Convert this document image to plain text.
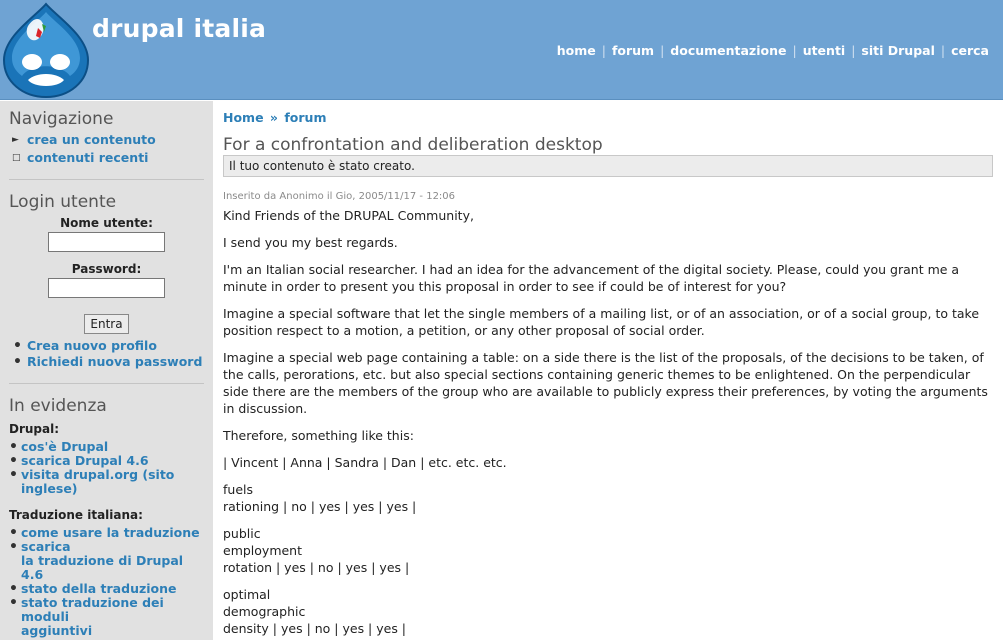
drupal italia
home | forum | documentazione | utenti | siti Drupal | cerca
Navigazione
► crea un contenuto
□ contenuti recenti
Login utente
Nome utente:
Password:
Entra
• Crea nuovo profilo
• Richiedi nuova password
In evidenza
Drupal:
• cos'è Drupal
• scarica Drupal 4.6
• visita drupal.org (sito inglese)
Traduzione italiana:
• come usare la traduzione
• scarica
la traduzione di Drupal 4.6
• stato della traduzione
• stato traduzione dei moduli
aggiuntivi
Home » forum
For a confrontation and deliberation desktop
Il tuo contenuto è stato creato.
Inserito da Anonimo il Gio, 2005/11/17 - 12:06

Kind Friends of the DRUPAL Community,

I send you my best regards.

I'm an Italian social researcher. I had an idea for the advancement of the digital society. Please, could you grant me a minute in order to present you this proposal in order to see if could be of interest for you?

Imagine a special software that let the single members of a mailing list, or of an association, or of a social group, to take position respect to a motion, a petition, or any other proposal of social order.

Imagine a special web page containing a table: on a side there is the list of the proposals, of the decisions to be taken, of the calls, perorations, etc. but also special sections containing generic themes to be enlightened. On the perpendicular side there are the members of the group who are available to publicly express their preferences, by voting the arguments in discussion.

Therefore, something like this:

| Vincent | Anna | Sandra | Dan | etc. etc. etc.

fuels
rationing | no | yes | yes | yes |

public
employment
rotation | yes | no | yes | yes |

optimal
demographic
density | yes | no | yes | yes |
